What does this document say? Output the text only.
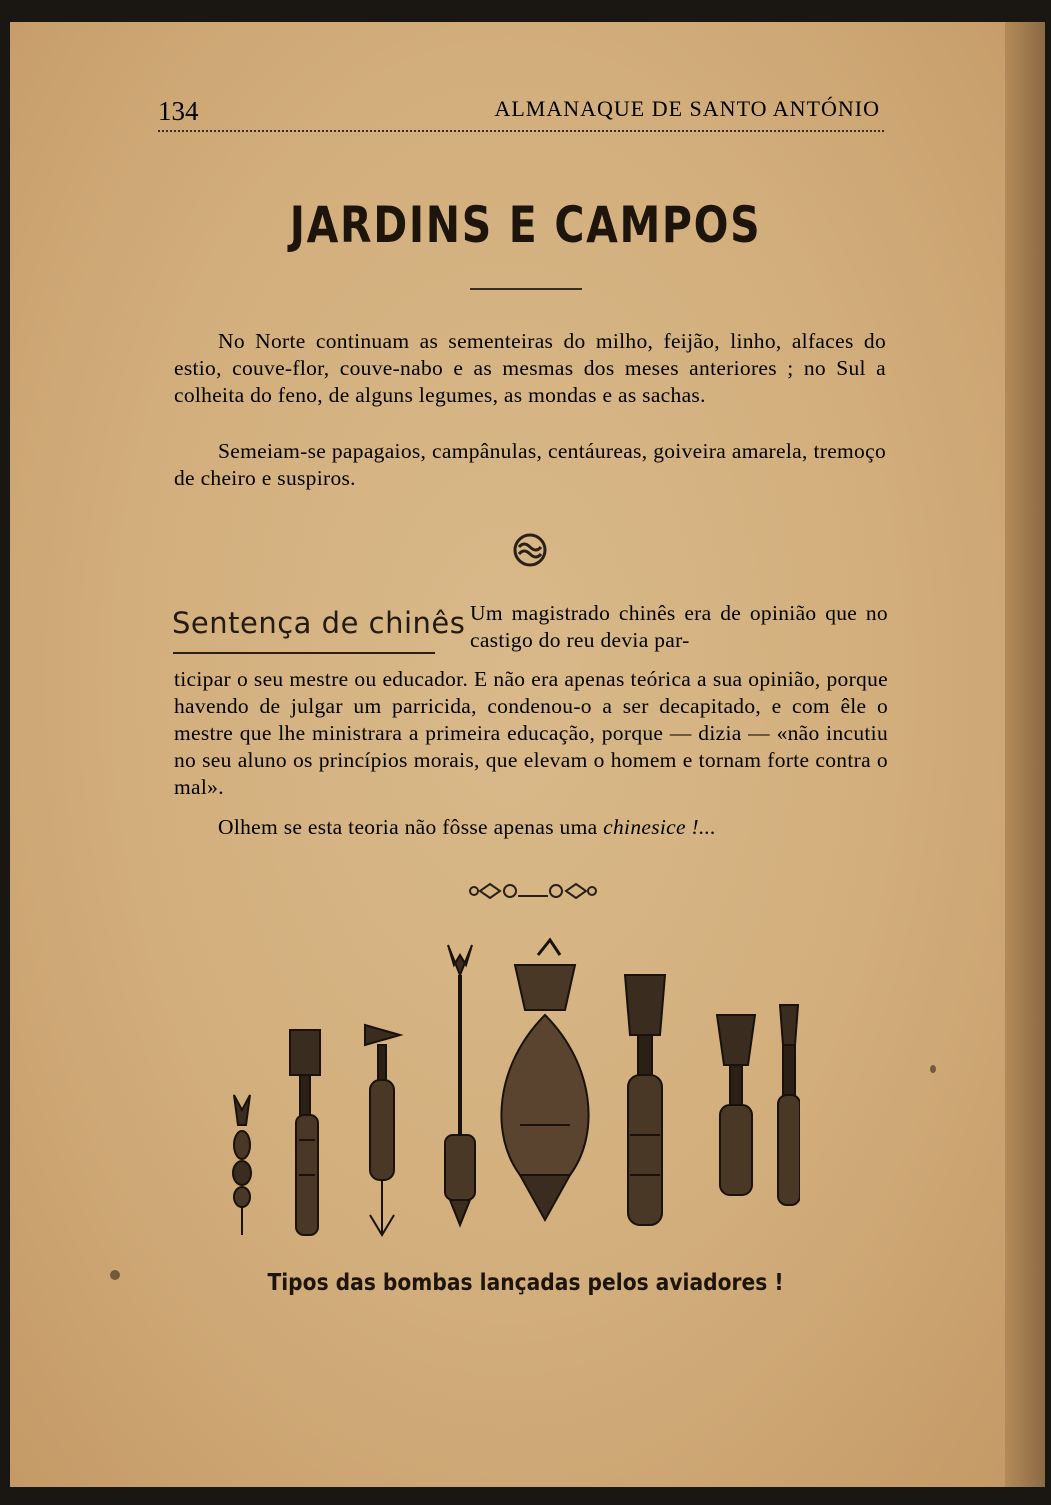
134	ALMANAQUE DE SANTO ANTÓNIO
JARDINS E CAMPOS
No Norte continuam as sementeiras do milho, feijão, linho, alfaces do estio, couve-flor, couve-nabo e as mesmas dos meses anteriores ; no Sul a colheita do feno, de alguns legumes, as mondas e as sachas.
Semeiam-se papagaios, campânulas, centáureas, goiveira amarela, tremoço de cheiro e suspiros.
Sentença de chinês Um magistrado chinês era de opinião que no castigo do reu devia par-
ticipar o seu mestre ou educador. E não era apenas teórica a sua opinião, porque havendo de julgar um parricida, condenou-o a ser decapitado, e com êle o mestre que lhe ministrara a primeira educação, porque — dizia — «não incutiu no seu aluno os princípios morais, que elevam o homem e tornam forte contra o mal».
Olhem se esta teoria não fôsse apenas uma chinesice !...
Tipos das bombas lançadas pelos aviadores !
